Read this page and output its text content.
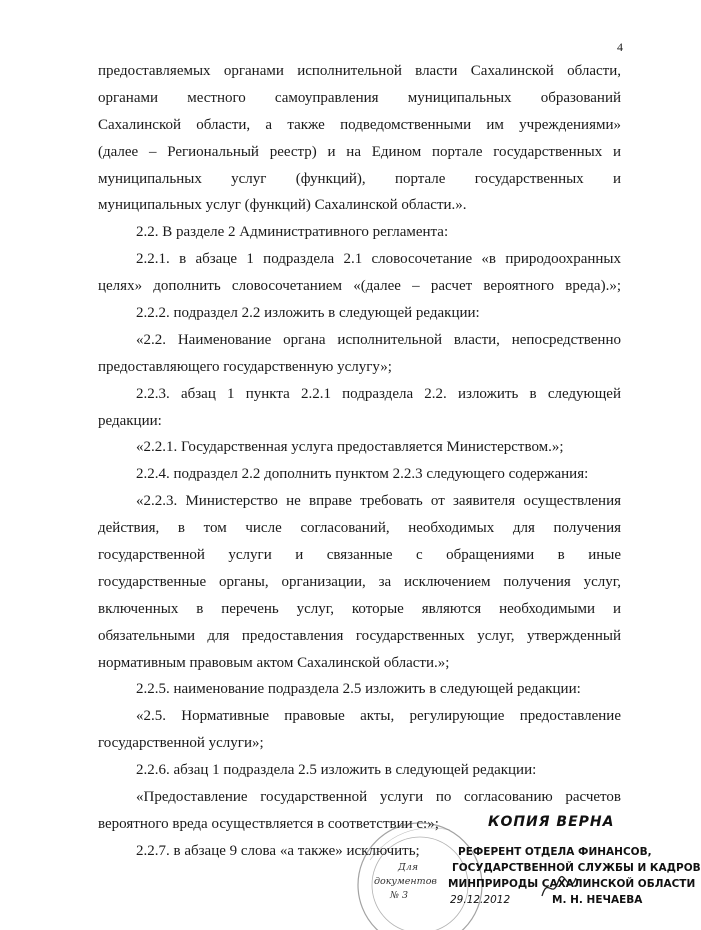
4
предоставляемых органами исполнительной власти Сахалинской области,
органами местного самоуправления муниципальных образований
Сахалинской области, а также подведомственными им учреждениями»
(далее – Региональный реестр) и на Едином портале государственных и
муниципальных услуг (функций), портале государственных и
муниципальных услуг (функций) Сахалинской области.».
2.2. В разделе 2 Административного регламента:
2.2.1. в абзаце 1 подраздела 2.1 словосочетание «в природоохранных
целях» дополнить словосочетанием «(далее – расчет вероятного вреда).»;
2.2.2. подраздел 2.2 изложить в следующей редакции:
«2.2. Наименование органа исполнительной власти, непосредственно
предоставляющего государственную услугу»;
2.2.3. абзац 1 пункта 2.2.1 подраздела 2.2. изложить в следующей
редакции:
«2.2.1. Государственная услуга предоставляется Министерством.»;
2.2.4. подраздел 2.2 дополнить пунктом 2.2.3 следующего содержания:
«2.2.3. Министерство не вправе требовать от заявителя осуществления
действия, в том числе согласований, необходимых для получения
государственной услуги и связанные с обращениями в иные
государственные органы, организации, за исключением получения услуг,
включенных в перечень услуг, которые являются необходимыми и
обязательными для предоставления государственных услуг, утвержденный
нормативным правовым актом Сахалинской области.»;
2.2.5. наименование подраздела 2.5 изложить в следующей редакции:
«2.5. Нормативные правовые акты, регулирующие предоставление
государственной услуги»;
2.2.6. абзац 1 подраздела 2.5 изложить в следующей редакции:
«Предоставление государственной услуги по согласованию расчетов
вероятного вреда осуществляется в соответствии с:»;
2.2.7. в абзаце 9 слова «а также» исключить;
КОПИЯ ВЕРНА
РЕФЕРЕНТ ОТДЕЛА ФИНАНСОВ,
ГОСУДАРСТВЕННОЙ СЛУЖБЫ И КАДРОВ
МИНПРИРОДЫ САХАЛИНСКОЙ ОБЛАСТИ
Для
документов
№ 3	29.12.2012	М. Н. НЕЧАЕВА
